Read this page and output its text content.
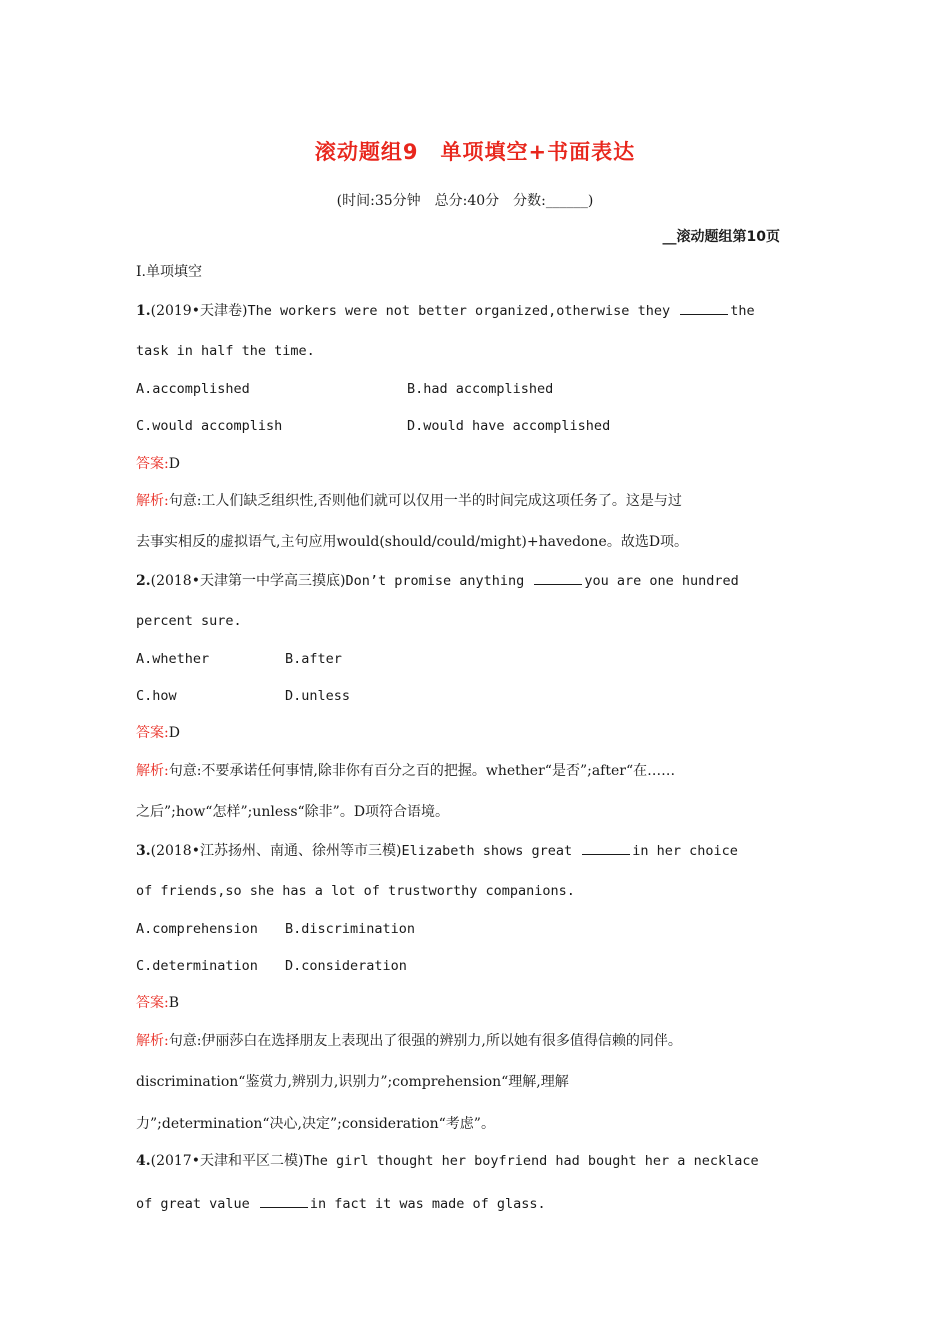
滚动题组9　单项填空+书面表达
(时间:35分钟　总分:40分　分数:______)
__滚动题组第10页
Ⅰ.单项填空
1.(2019•天津卷)The workers were not better organized,otherwise they	the
task in half the time.
A.accomplished	B.had accomplished
C.would accomplish	D.would have accomplished
答案:D
解析:句意:工人们缺乏组织性,否则他们就可以仅用一半的时间完成这项任务了。这是与过
去事实相反的虚拟语气,主句应用would(should/could/might)+havedone。故选D项。
2.(2018•天津第一中学高三摸底)Don’t promise anything	you are one hundred
percent sure.
A.whether	B.after
C.how	D.unless
答案:D
解析:句意:不要承诺任何事情,除非你有百分之百的把握。whether“是否”;after“在……
之后”;how“怎样”;unless“除非”。D项符合语境。
3.(2018•江苏扬州、南通、徐州等市三模)Elizabeth shows great	in her choice
of friends,so she has a lot of trustworthy companions.
A.comprehension B.discrimination
C.determination D.consideration
答案:B
解析:句意:伊丽莎白在选择朋友上表现出了很强的辨别力,所以她有很多值得信赖的同伴。
discrimination“鉴赏力,辨别力,识别力”;comprehension“理解,理解
力”;determination“决心,决定”;consideration“考虑”。
4.(2017•天津和平区二模)The girl thought her boyfriend had bought her a necklace
of great value	in fact it was made of glass.
